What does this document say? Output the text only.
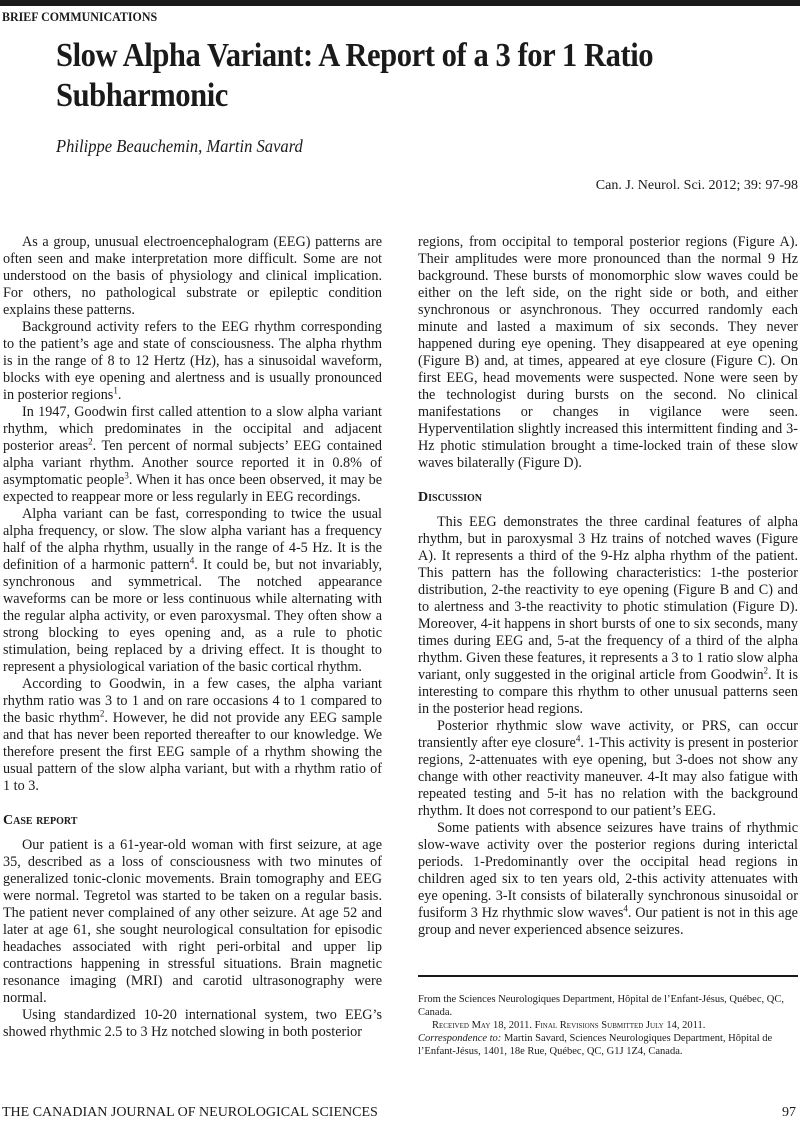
BRIEF COMMUNICATIONS
Slow Alpha Variant: A Report of a 3 for 1 Ratio Subharmonic
Philippe Beauchemin, Martin Savard
Can. J. Neurol. Sci. 2012; 39: 97-98

As a group, unusual electroencephalogram (EEG) patterns are often seen and make interpretation more difficult. Some are not understood on the basis of physiology and clinical implication. For others, no pathological substrate or epileptic condition explains these patterns.

Background activity refers to the EEG rhythm corresponding to the patient’s age and state of consciousness. The alpha rhythm is in the range of 8 to 12 Hertz (Hz), has a sinusoidal waveform, blocks with eye opening and alertness and is usually pronounced in posterior regions$^1$.

In 1947, Goodwin first called attention to a slow alpha variant rhythm, which predominates in the occipital and adjacent posterior areas$^2$. Ten percent of normal subjects’ EEG contained alpha variant rhythm. Another source reported it in 0.8% of asymptomatic people$^3$. When it has once been observed, it may be expected to reappear more or less regularly in EEG recordings.

Alpha variant can be fast, corresponding to twice the usual alpha frequency, or slow. The slow alpha variant has a frequency half of the alpha rhythm, usually in the range of 4-5 Hz. It is the definition of a harmonic pattern$^4$. It could be, but not invariably, synchronous and symmetrical. The notched appearance waveforms can be more or less continuous while alternating with the regular alpha activity, or even paroxysmal. They often show a strong blocking to eyes opening and, as a rule to photic stimulation, being replaced by a driving effect. It is thought to represent a physiological variation of the basic cortical rhythm.

According to Goodwin, in a few cases, the alpha variant rhythm ratio was 3 to 1 and on rare occasions 4 to 1 compared to the basic rhythm$^2$. However, he did not provide any EEG sample and that has never been reported thereafter to our knowledge. We therefore present the first EEG sample of a rhythm showing the usual pattern of the slow alpha variant, but with a rhythm ratio of 1 to 3.

Case report

Our patient is a 61-year-old woman with first seizure, at age 35, described as a loss of consciousness with two minutes of generalized tonic-clonic movements. Brain tomography and EEG were normal. Tegretol was started to be taken on a regular basis. The patient never complained of any other seizure. At age 52 and later at age 61, she sought neurological consultation for episodic headaches associated with right peri-orbital and upper lip contractions happening in stressful situations. Brain magnetic resonance imaging (MRI) and carotid ultrasonography were normal.

Using standardized 10-20 international system, two EEG’s showed rhythmic 2.5 to 3 Hz notched slowing in both posterior

regions, from occipital to temporal posterior regions (Figure A). Their amplitudes were more pronounced than the normal 9 Hz background. These bursts of monomorphic slow waves could be either on the left side, on the right side or both, and either synchronous or asynchronous. They occurred randomly each minute and lasted a maximum of six seconds. They never happened during eye opening. They disappeared at eye opening (Figure B) and, at times, appeared at eye closure (Figure C). On first EEG, head movements were suspected. None were seen by the technologist during bursts on the second. No clinical manifestations or changes in vigilance were seen. Hyperventilation slightly increased this intermittent finding and 3-Hz photic stimulation brought a time-locked train of these slow waves bilaterally (Figure D).

Discussion

This EEG demonstrates the three cardinal features of alpha rhythm, but in paroxysmal 3 Hz trains of notched waves (Figure A). It represents a third of the 9-Hz alpha rhythm of the patient. This pattern has the following characteristics: 1-the posterior distribution, 2-the reactivity to eye opening (Figure B and C) and to alertness and 3-the reactivity to photic stimulation (Figure D). Moreover, 4-it happens in short bursts of one to six seconds, many times during EEG and, 5-at the frequency of a third of the alpha rhythm. Given these features, it represents a 3 to 1 ratio slow alpha variant, only suggested in the original article from Goodwin$^2$. It is interesting to compare this rhythm to other unusual patterns seen in the posterior head regions.

Posterior rhythmic slow wave activity, or PRS, can occur transiently after eye closure$^4$. 1-This activity is present in posterior regions, 2-attenuates with eye opening, but 3-does not show any change with other reactivity maneuver. 4-It may also fatigue with repeated testing and 5-it has no relation with the background rhythm. It does not correspond to our patient’s EEG.

Some patients with absence seizures have trains of rhythmic slow-wave activity over the posterior regions during interictal periods. 1-Predominantly over the occipital head regions in children aged six to ten years old, 2-this activity attenuates with eye opening. 3-It consists of bilaterally synchronous sinusoidal or fusiform 3 Hz rhythmic slow waves$^4$. Our patient is not in this age group and never experienced absence seizures.

From the Sciences Neurologiques Department, Hôpital de l’Enfant-Jésus, Québec, QC, Canada.

Received May 18, 2011. Final Revisions Submitted July 14, 2011.

Correspondence to: Martin Savard, Sciences Neurologiques Department, Hôpital de l’Enfant-Jésus, 1401, 18e Rue, Québec, QC, G1J 1Z4, Canada.

THE CANADIAN JOURNAL OF NEUROLOGICAL SCIENCES	97
